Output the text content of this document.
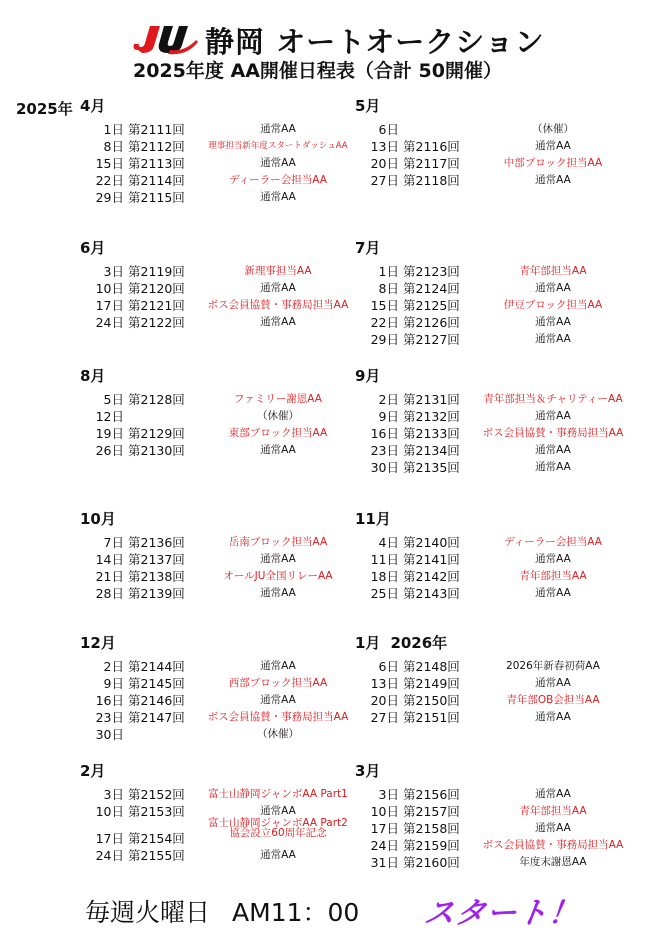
静岡 オートオークション
2025年度 AA開催日程表（合計 50開催）
2025年 4月
1日 第2111回	通常AA
8日 第2112回	理事担当新年度スタートダッシュAA
15日 第2113回	通常AA
22日 第2114回	ディーラー会担当AA
29日 第2115回	通常AA
5月
6日	（休催）
13日 第2116回	通常AA
20日 第2117回	中部ブロック担当AA
27日 第2118回	通常AA
6月
3日 第2119回	新理事担当AA
10日 第2120回	通常AA
17日 第2121回	ボス会員協賛・事務局担当AA
24日 第2122回	通常AA
7月
1日 第2123回	青年部担当AA
8日 第2124回	通常AA
15日 第2125回	伊豆ブロック担当AA
22日 第2126回	通常AA
29日 第2127回	通常AA
8月
5日 第2128回	ファミリー謝恩AA
12日	（休催）
19日 第2129回	東部ブロック担当AA
26日 第2130回	通常AA
9月
2日 第2131回	青年部担当＆チャリティーAA
9日 第2132回	通常AA
16日 第2133回	ボス会員協賛・事務局担当AA
23日 第2134回	通常AA
30日 第2135回	通常AA
10月
7日 第2136回	岳南ブロック担当AA
14日 第2137回	通常AA
21日 第2138回	オールJU全国リレーAA
28日 第2139回	通常AA
11月
4日 第2140回	ディーラー会担当AA
11日 第2141回	通常AA
18日 第2142回	青年部担当AA
25日 第2143回	通常AA
12月
2日 第2144回	通常AA
9日 第2145回	西部ブロック担当AA
16日 第2146回	通常AA
23日 第2147回	ボス会員協賛・事務局担当AA
30日	（休催）
1月 2026年
6日 第2148回	2026年新春初荷AA
13日 第2149回	通常AA
20日 第2150回	青年部OB会担当AA
27日 第2151回	通常AA
2月
3日 第2152回	富士山静岡ジャンボAA Part1
10日 第2153回	通常AA
17日 第2154回
富士山静岡ジャンボAA Part2
協会設立60周年記念
24日 第2155回	通常AA
3月
3日 第2156回	通常AA
10日 第2157回	青年部担当AA
17日 第2158回	通常AA
24日 第2159回	ボス会員協賛・事務局担当AA
31日 第2160回	年度末謝恩AA
毎週火曜日 AM11：00 スタート！
